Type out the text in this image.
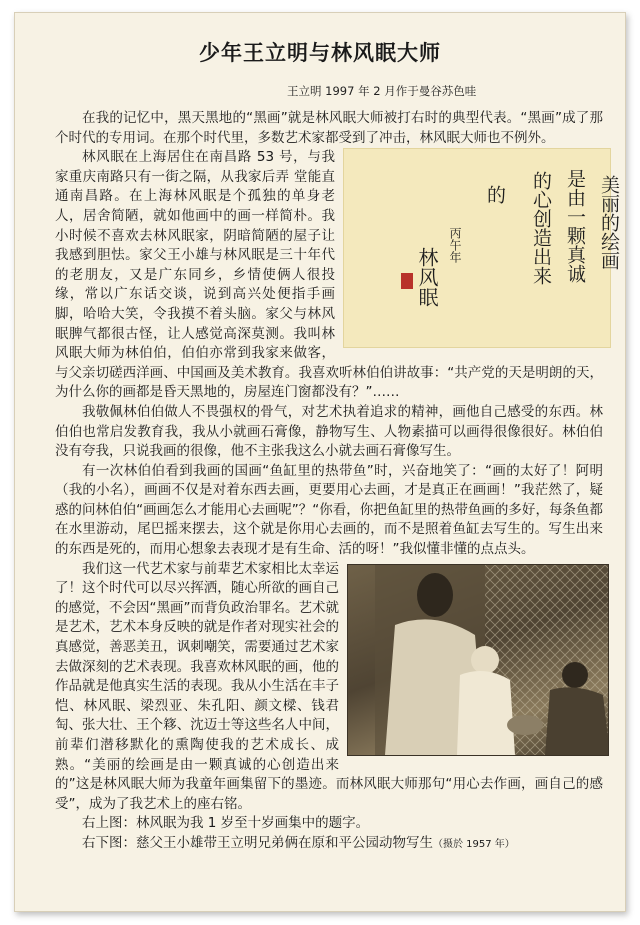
少年王立明与林风眠大师
王立明 1997 年 2 月作于曼谷苏色哇

在我的记忆中，黑天黑地的“黑画”就是林风眠大师被打右时的典型代表。“黑画”成了那个时代的专用词。在那个时代里，多数艺术家都受到了冲击，林风眠大师也不例外。

美丽的绘画
是由一颗真诚
的心创造出来
的
丙午年
林风眠
林风眠在上海居住在南昌路 53 号，与我家重庆南路只有一街之隔，从我家后弄 堂能直通南昌路。在上海林风眠是个孤独的单身老人，居舍简陋，就如他画中的画一样简朴。我小时候不喜欢去林风眠家，阴暗简陋的屋子让我感到胆怯。家父王小雄与林风眠是三十年代的老朋友，又是广东同乡，乡情使俩人很投缘，常以广东话交谈，说到高兴处便指手画脚，哈哈大笑，令我摸不着头脑。家父与林风眠脾气都很古怪，让人感觉高深莫测。我叫林风眠大师为林伯伯，伯伯亦常到我家来做客，与父亲切磋西洋画、中国画及美术教育。我喜欢听林伯伯讲故事：“共产党的天是明朗的天，为什么你的画都是昏天黑地的，房屋连门窗都没有？”……

我敬佩林伯伯做人不畏强权的骨气，对艺术执着追求的精神，画他自己感受的东西。林伯伯也常启发教育我，我从小就画石膏像，静物写生、人物素描可以画得很像很好。林伯伯没有夸我，只说我画的很像，他不主张我这么小就去画石膏像写生。

有一次林伯伯看到我画的国画“鱼缸里的热带鱼”时，兴奋地笑了：“画的太好了！阿明（我的小名），画画不仅是对着东西去画，更要用心去画，才是真正在画画！”我茫然了，疑惑的问林伯伯“画画怎么才能用心去画呢”？“你看，你把鱼缸里的热带鱼画的多好，每条鱼都在水里游动，尾巴摇来摆去，这个就是你用心去画的，而不是照着鱼缸去写生的。写生出来的东西是死的，而用心想象去表现才是有生命、活的呀！”我似懂非懂的点点头。

我们这一代艺术家与前辈艺术家相比太幸运了！这个时代可以尽兴挥洒，随心所欲的画自己的感觉，不会因“黑画”而背负政治罪名。艺术就是艺术，艺术本身反映的就是作者对现实社会的真感觉，善恶美丑，讽刺嘲笑，需要通过艺术家去做深刻的艺术表现。我喜欢林风眠的画，他的作品就是他真实生活的表现。我从小生活在丰子恺、林风眠、梁烈亚、朱孔阳、颜文樑、钱君匋、张大壮、王个簃、沈迈士等这些名人中间，前辈们潜移默化的熏陶使我的艺术成长、成熟。“美丽的绘画是由一颗真诚的心创造出来的”这是林风眠大师为我童年画集留下的墨迹。而林风眠大师那句“用心去作画，画自己的感受”，成为了我艺术上的座右铭。

右上图：林风眠为我 1 岁至十岁画集中的题字。

右下图：慈父王小雄带王立明兄弟俩在原和平公园动物写生（摄於 1957 年）
